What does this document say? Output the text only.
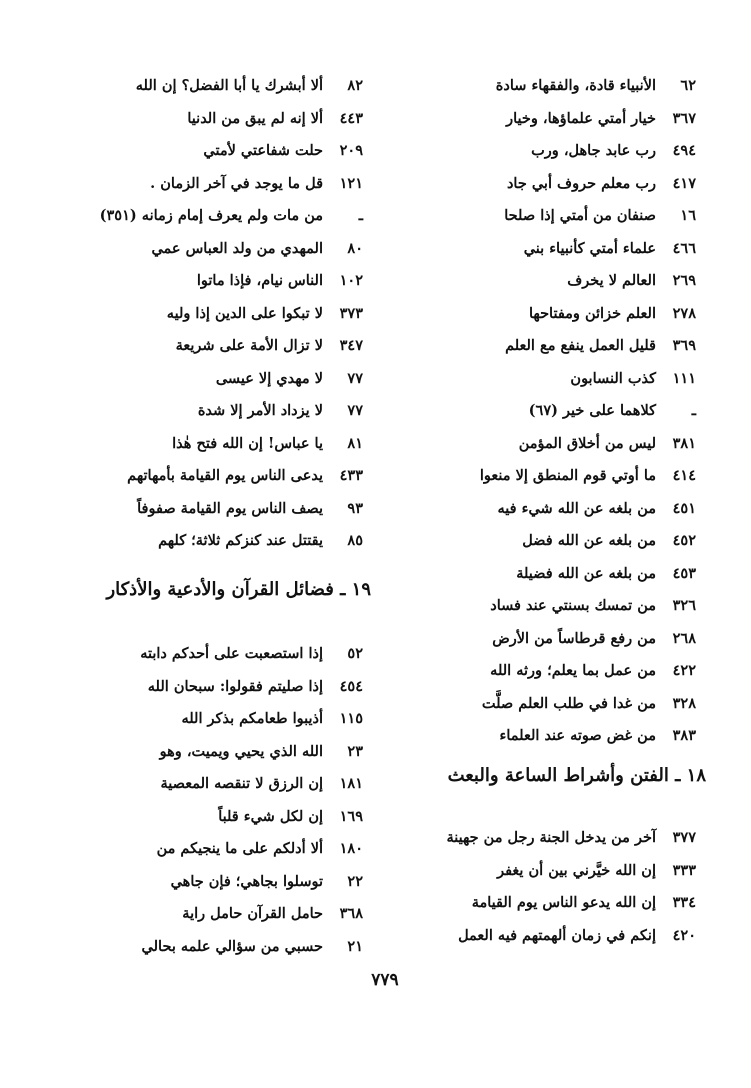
٦٢الأنبياء قادة، والفقهاء سادة
٣٦٧خيار أمتي علماؤها، وخيار
٤٩٤رب عابد جاهل، ورب
٤١٧رب معلم حروف أبي جاد
١٦صنفان من أمتي إذا صلحا
٤٦٦علماء أمتي كأنبياء بني
٢٦٩العالم لا يخرف
٢٧٨العلم خزائن ومفتاحها
٣٦٩قليل العمل ينفع مع العلم
١١١كذب النسابون
ـكلاهما على خير (٦٧)
٣٨١ليس من أخلاق المؤمن
٤١٤ما أوتي قوم المنطق إلا منعوا
٤٥١من بلغه عن الله شيء فيه
٤٥٢من بلغه عن الله فضل
٤٥٣من بلغه عن الله فضيلة
٣٢٦من تمسك بسنتي عند فساد
٢٦٨من رفع قرطاساً من الأرض
٤٢٢من عمل بما يعلم؛ ورثه الله
٣٢٨من غدا في طلب العلم صلَّت
٣٨٣من غض صوته عند العلماء
١٨ ـ الفتن وأشراط الساعة والبعث
٣٧٧آخر من يدخل الجنة رجل من جهينة
٣٣٣إن الله خيَّرني بين أن يغفر
٣٣٤إن الله يدعو الناس يوم القيامة
٤٢٠إنكم في زمان ألهمتهم فيه العمل
٨٢ألا أبشرك يا أبا الفضل؟ إن الله
٤٤٣ألا إنه لم يبق من الدنيا
٢٠٩حلت شفاعتي لأمتي
١٢١قل ما يوجد في آخر الزمان .
ـمن مات ولم يعرف إمام زمانه (٣٥١)
٨٠المهدي من ولد العباس عمي
١٠٢الناس نيام، فإذا ماتوا
٣٧٣لا تبكوا على الدين إذا وليه
٣٤٧لا تزال الأمة على شريعة
٧٧لا مهدي إلا عيسى
٧٧لا يزداد الأمر إلا شدة
٨١يا عباس! إن الله فتح هٰذا
٤٣٣يدعى الناس يوم القيامة بأمهاتهم
٩٣يصف الناس يوم القيامة صفوفاً
٨٥يقتتل عند كنزكم ثلاثة؛ كلهم
١٩ ـ فضائل القرآن والأدعية والأذكار
٥٢إذا استصعبت على أحدكم دابته
٤٥٤إذا صليتم فقولوا: سبحان الله
١١٥أذيبوا طعامكم بذكر الله
٢٣الله الذي يحيي ويميت، وهو
١٨١إن الرزق لا تنقصه المعصية
١٦٩إن لكل شيء قلباً
١٨٠ألا أدلكم على ما ينجيكم من
٢٢توسلوا بجاهي؛ فإن جاهي
٣٦٨حامل القرآن حامل راية
٢١حسبي من سؤالي علمه بحالي
٧٧٩
